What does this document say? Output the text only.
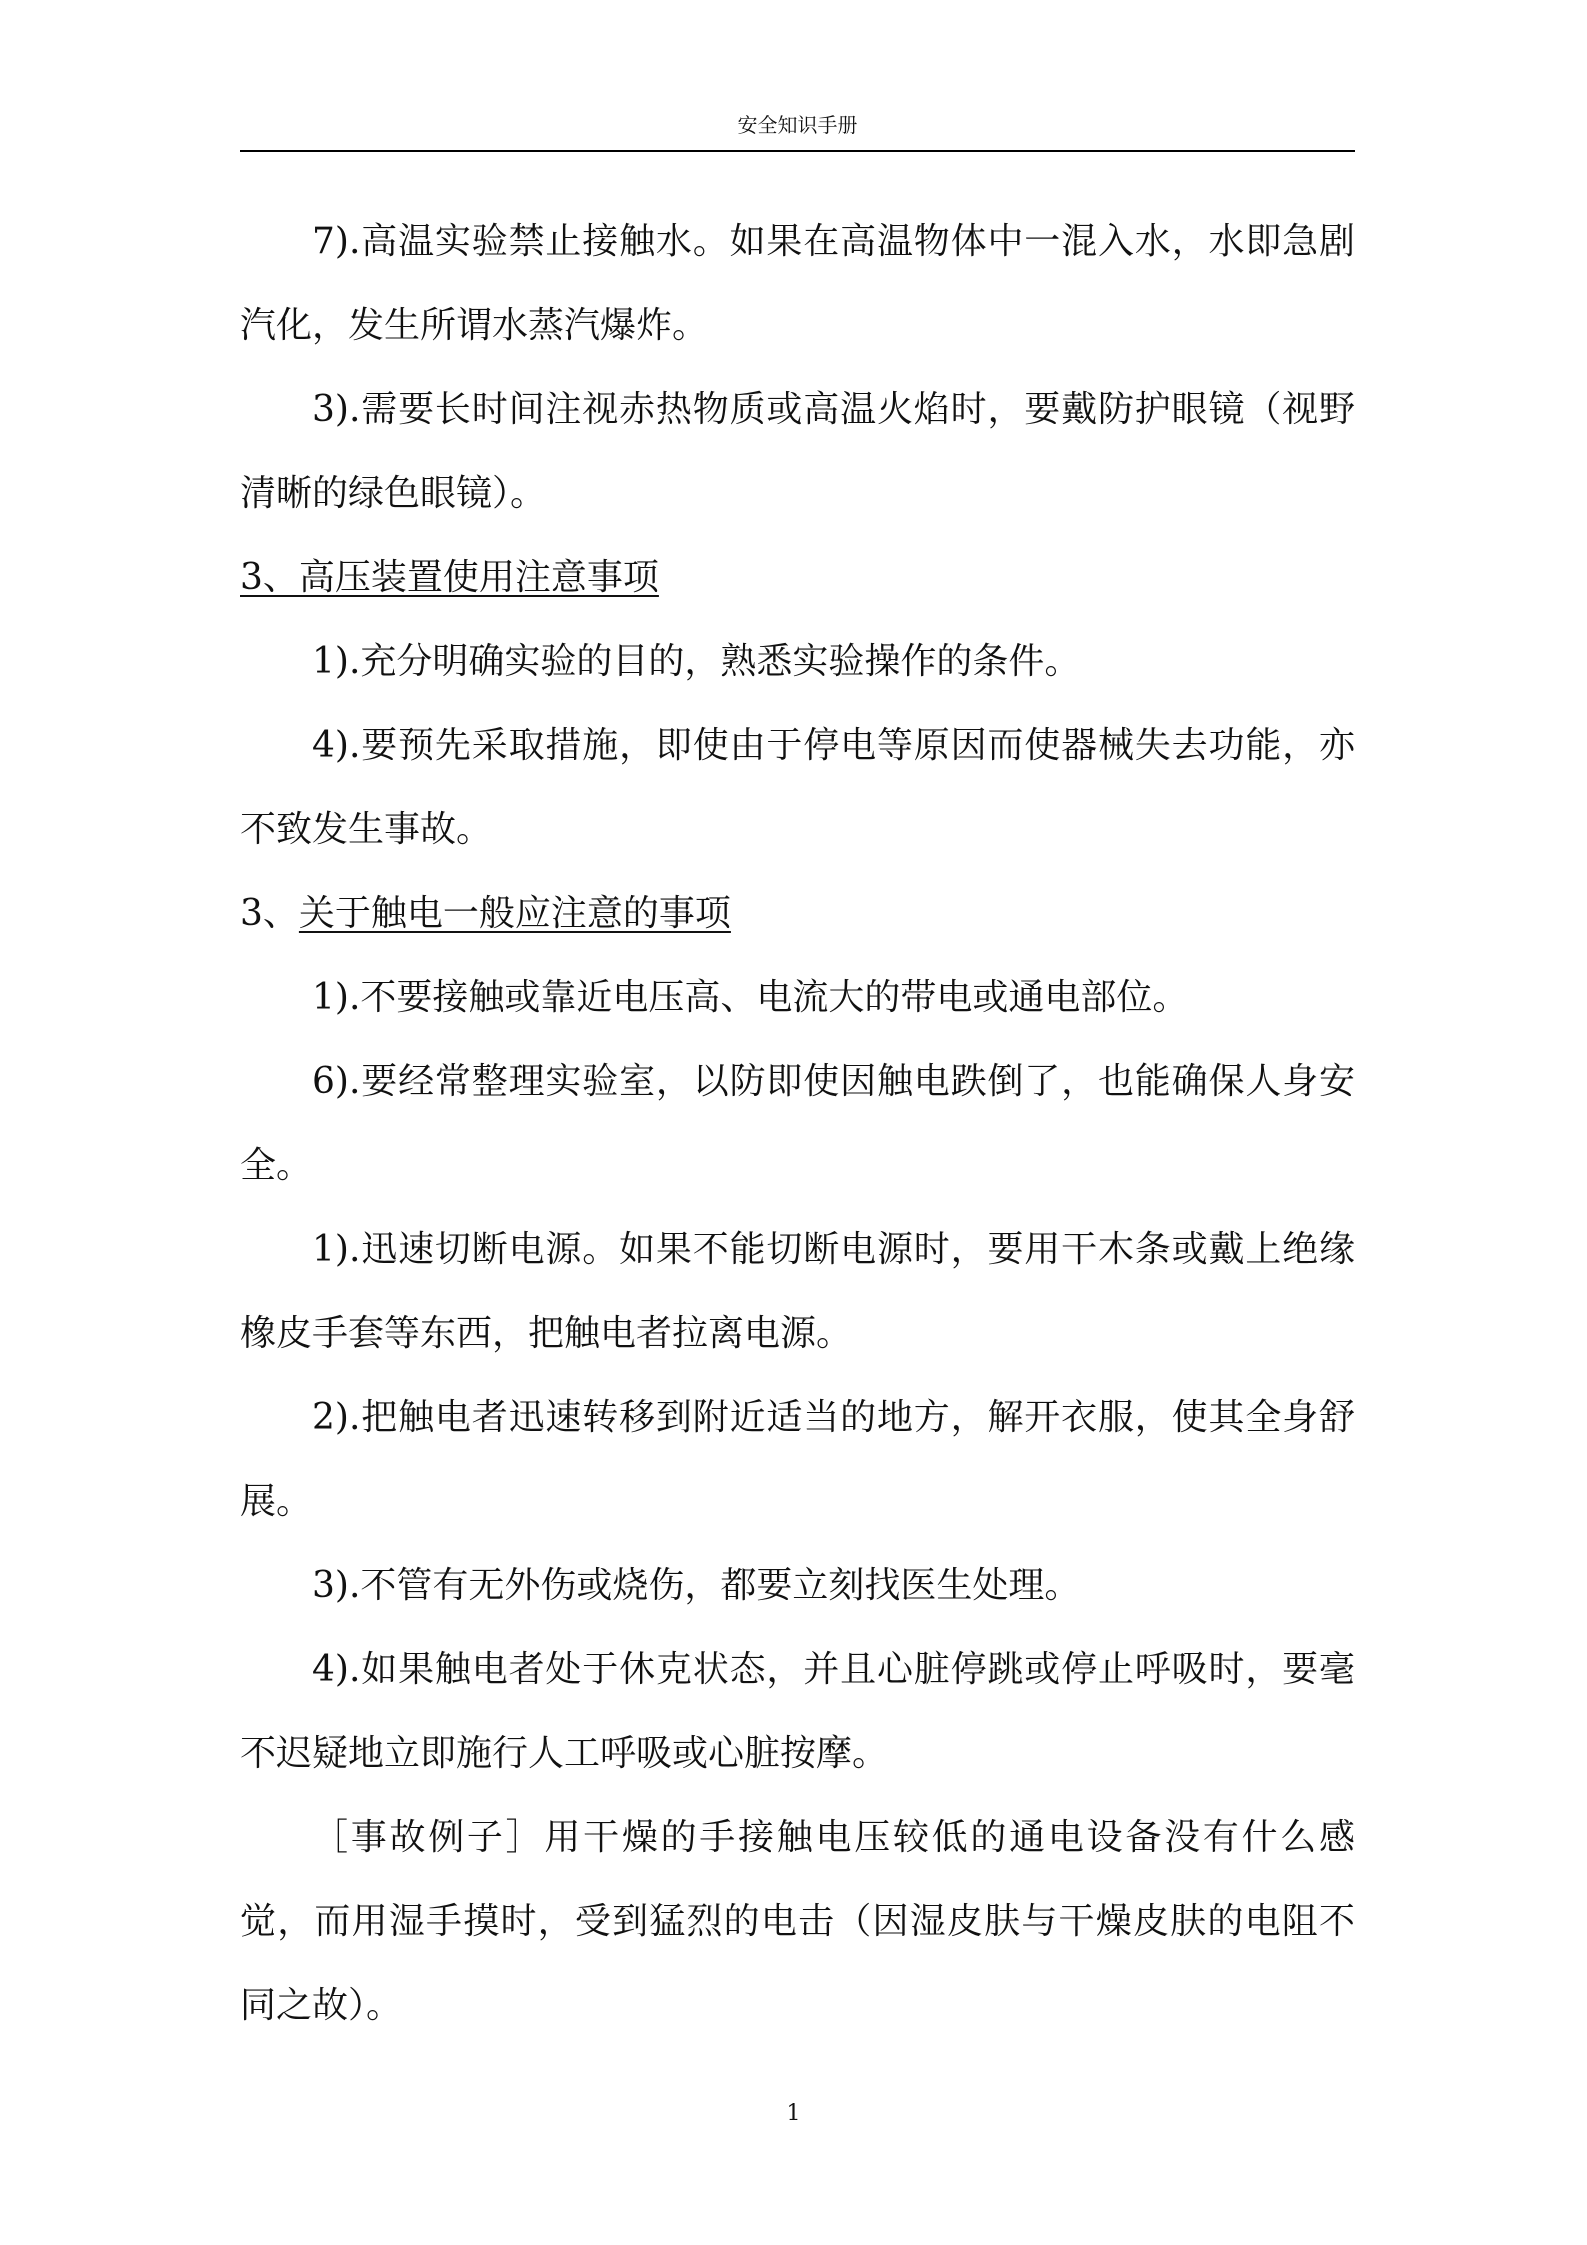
安全知识手册

7).高温实验禁止接触水。如果在高温物体中一混入水，水即急剧汽化，发生所谓水蒸汽爆炸。

3).需要长时间注视赤热物质或高温火焰时，要戴防护眼镜（视野清晰的绿色眼镜）。

3、高压装置使用注意事项

1).充分明确实验的目的，熟悉实验操作的条件。

4).要预先采取措施，即使由于停电等原因而使器械失去功能，亦不致发生事故。

3、关于触电一般应注意的事项

1).不要接触或靠近电压高、电流大的带电或通电部位。

6).要经常整理实验室，以防即使因触电跌倒了，也能确保人身安全。

1).迅速切断电源。如果不能切断电源时，要用干木条或戴上绝缘橡皮手套等东西，把触电者拉离电源。

2).把触电者迅速转移到附近适当的地方，解开衣服，使其全身舒展。

3).不管有无外伤或烧伤，都要立刻找医生处理。

4).如果触电者处于休克状态，并且心脏停跳或停止呼吸时，要毫不迟疑地立即施行人工呼吸或心脏按摩。

［事故例子］用干燥的手接触电压较低的通电设备没有什么感觉，而用湿手摸时，受到猛烈的电击（因湿皮肤与干燥皮肤的电阻不同之故）。

1
